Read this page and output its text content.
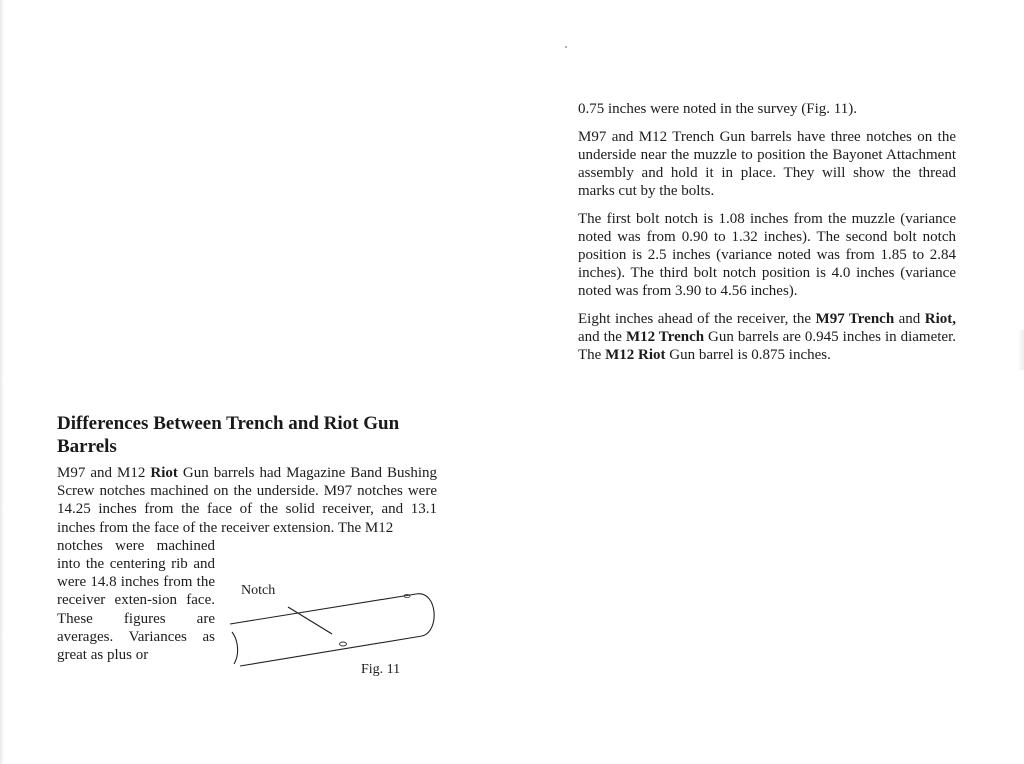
0.75 inches were noted in the survey (Fig. 11).

M97 and M12 Trench Gun barrels have three notches on the underside near the muzzle to position the Bayonet Attachment assembly and hold it in place. They will show the thread marks cut by the bolts.

The first bolt notch is 1.08 inches from the muzzle (variance noted was from 0.90 to 1.32 inches). The second bolt notch position is 2.5 inches (variance noted was from 1.85 to 2.84 inches). The third bolt notch position is 4.0 inches (variance noted was from 3.90 to 4.56 inches).

Eight inches ahead of the receiver, the M97 Trench and Riot, and the M12 Trench Gun barrels are 0.945 inches in diameter. The M12 Riot Gun barrel is 0.875 inches.

Differences Between Trench and Riot Gun Barrels

M97 and M12 Riot Gun barrels had Magazine Band Bushing Screw notches machined on the underside. M97 notches were 14.25 inches from the face of the solid receiver, and 13.1 inches from the face of the receiver extension. The M12

notches were machined into the centering rib and were 14.8 inches from the receiver exten-sion face. These figures are averages. Variances as great as plus or

Notch
Fig. 11
